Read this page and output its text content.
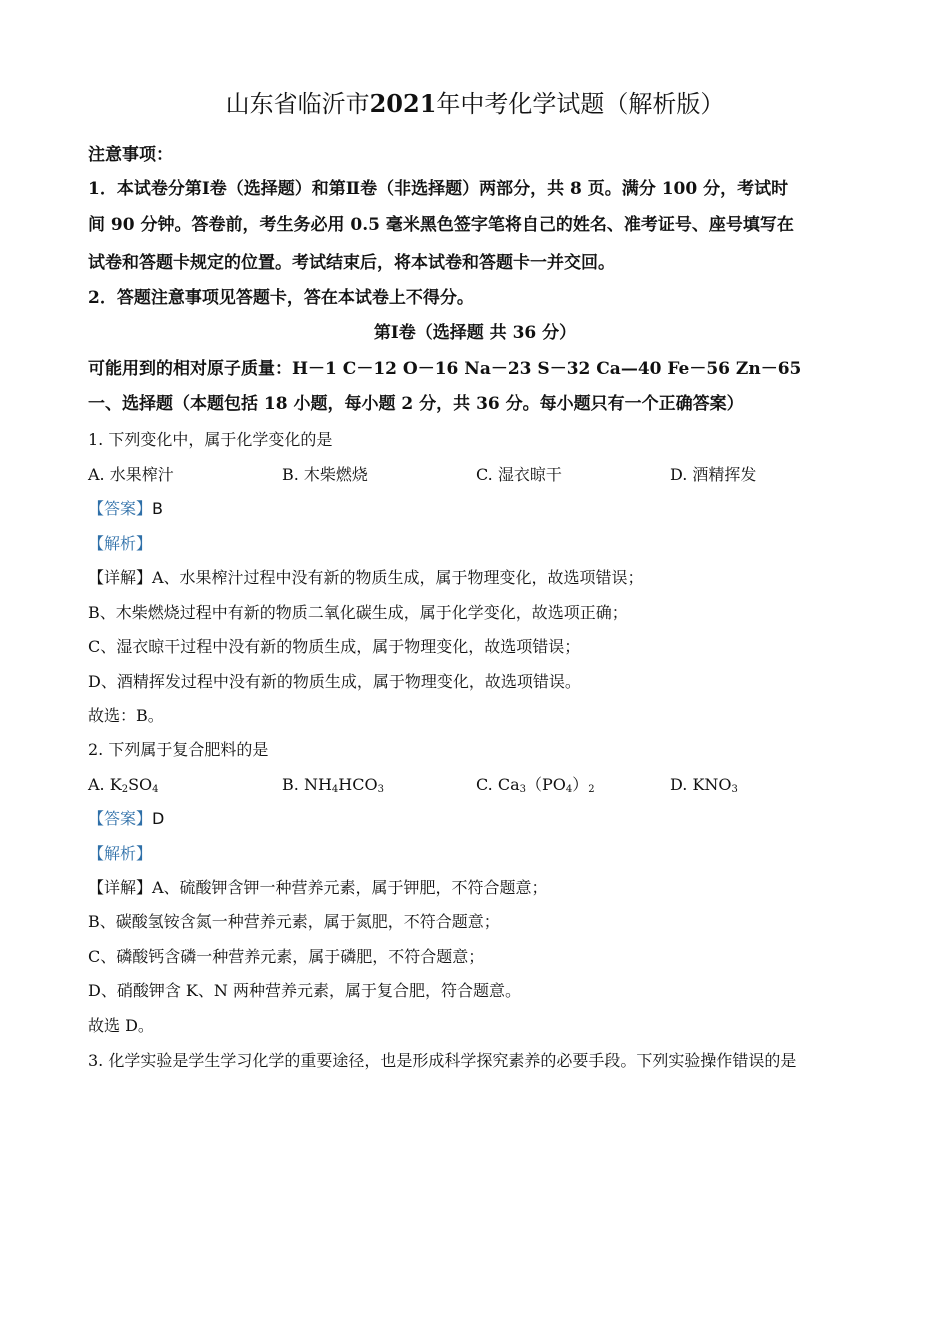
山东省临沂市2021年中考化学试题（解析版）
注意事项：
1．本试卷分第Ⅰ卷（选择题）和第Ⅱ卷（非选择题）两部分，共 8 页。满分 100 分，考试时
间 90 分钟。答卷前，考生务必用 0.5 毫米黑色签字笔将自己的姓名、准考证号、座号填写在
试卷和答题卡规定的位置。考试结束后，将本试卷和答题卡一并交回。
2．答题注意事项见答题卡，答在本试卷上不得分。
第Ⅰ卷（选择题 共 36 分）
可能用到的相对原子质量：H－1 C－12 O－16 Na－23 S－32 Ca—40 Fe－56 Zn－65
一、选择题（本题包括 18 小题，每小题 2 分，共 36 分。每小题只有一个正确答案）
1. 下列变化中，属于化学变化的是
A. 水果榨汁	B. 木柴燃烧	C. 湿衣晾干	D. 酒精挥发
【答案】B
【解析】
【详解】A、水果榨汁过程中没有新的物质生成，属于物理变化，故选项错误；
B、木柴燃烧过程中有新的物质二氧化碳生成，属于化学变化，故选项正确；
C、湿衣晾干过程中没有新的物质生成，属于物理变化，故选项错误；
D、酒精挥发过程中没有新的物质生成，属于物理变化，故选项错误。
故选：B。
2. 下列属于复合肥料的是
A. $K_2SO_4$	B. $NH_4HCO_3$	C. $Ca_3(PO_4)_2$	D. $KNO_3$
【答案】D
【解析】
【详解】A、硫酸钾含钾一种营养元素，属于钾肥，不符合题意；
B、碳酸氢铵含氮一种营养元素，属于氮肥，不符合题意；
C、磷酸钙含磷一种营养元素，属于磷肥，不符合题意；
D、硝酸钾含 K、N 两种营养元素，属于复合肥，符合题意。
故选 D。
3. 化学实验是学生学习化学的重要途径，也是形成科学探究素养的必要手段。下列实验操作错误的是
